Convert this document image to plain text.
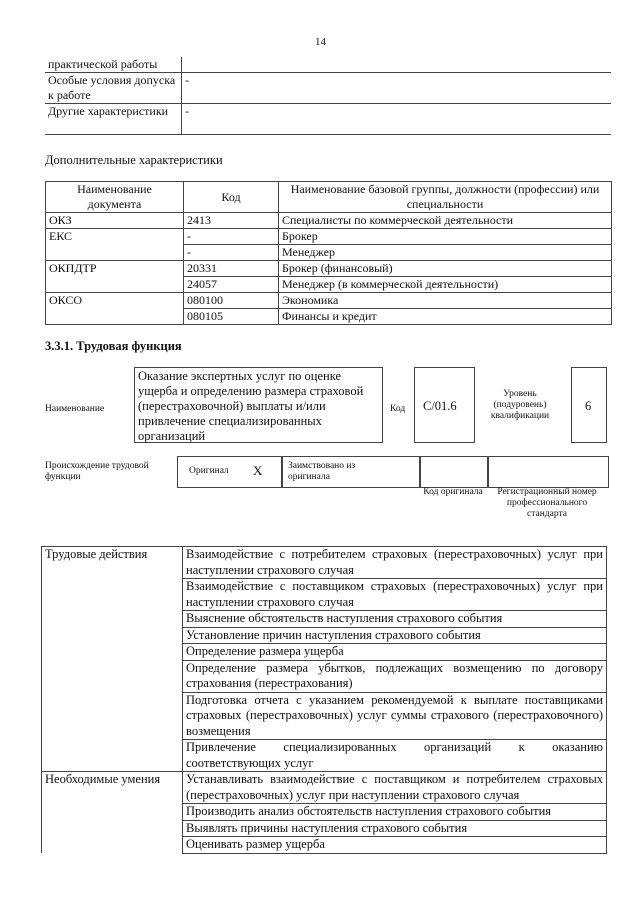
14
практической работы	
Особые условия допуска к работе	-
Другие характеристики	-
Дополнительные характеристики
Наименование документа	Код	Наименование базовой группы, должности (профессии) или специальности
ОКЗ	2413	Специалисты по коммерческой деятельности
ЕКС	-	Брокер
	-	Менеджер
ОКПДТР	20331	Брокер (финансовый)
	24057	Менеджер (в коммерческой деятельности)
ОКСО	080100	Экономика
	080105	Финансы и кредит
3.3.1. Трудовая функция
Наименование
Оказание экспертных услуг по оценке ущерба и определению размера страховой (перестраховочной) выплаты и/или привлечение специализированных организаций
Код	C/01.6
Уровень (подуровень) квалификации
6
Происхождение трудовой функции
Оригинал X	Заимствовано из оригинала
Код оригинала	Регистрационный номер профессионального стандарта
Трудовые действия	Взаимодействие с потребителем страховых (перестраховочных) услуг при наступлении страхового случая
	Взаимодействие с поставщиком страховых (перестраховочных) услуг при наступлении страхового случая
	Выяснение обстоятельств наступления страхового события
	Установление причин наступления страхового события
	Определение размера ущерба
	Определение размера убытков, подлежащих возмещению по договору страхования (перестрахования)
	Подготовка отчета с указанием рекомендуемой к выплате поставщиками страховых (перестраховочных) услуг суммы страхового (перестраховочного) возмещения
	Привлечение специализированных организаций к оказанию соответствующих услуг
Необходимые умения	Устанавливать взаимодействие с поставщиком и потребителем страховых (перестраховочных) услуг при наступлении страхового случая
	Производить анализ обстоятельств наступления страхового события
	Выявлять причины наступления страхового события
	Оценивать размер ущерба
